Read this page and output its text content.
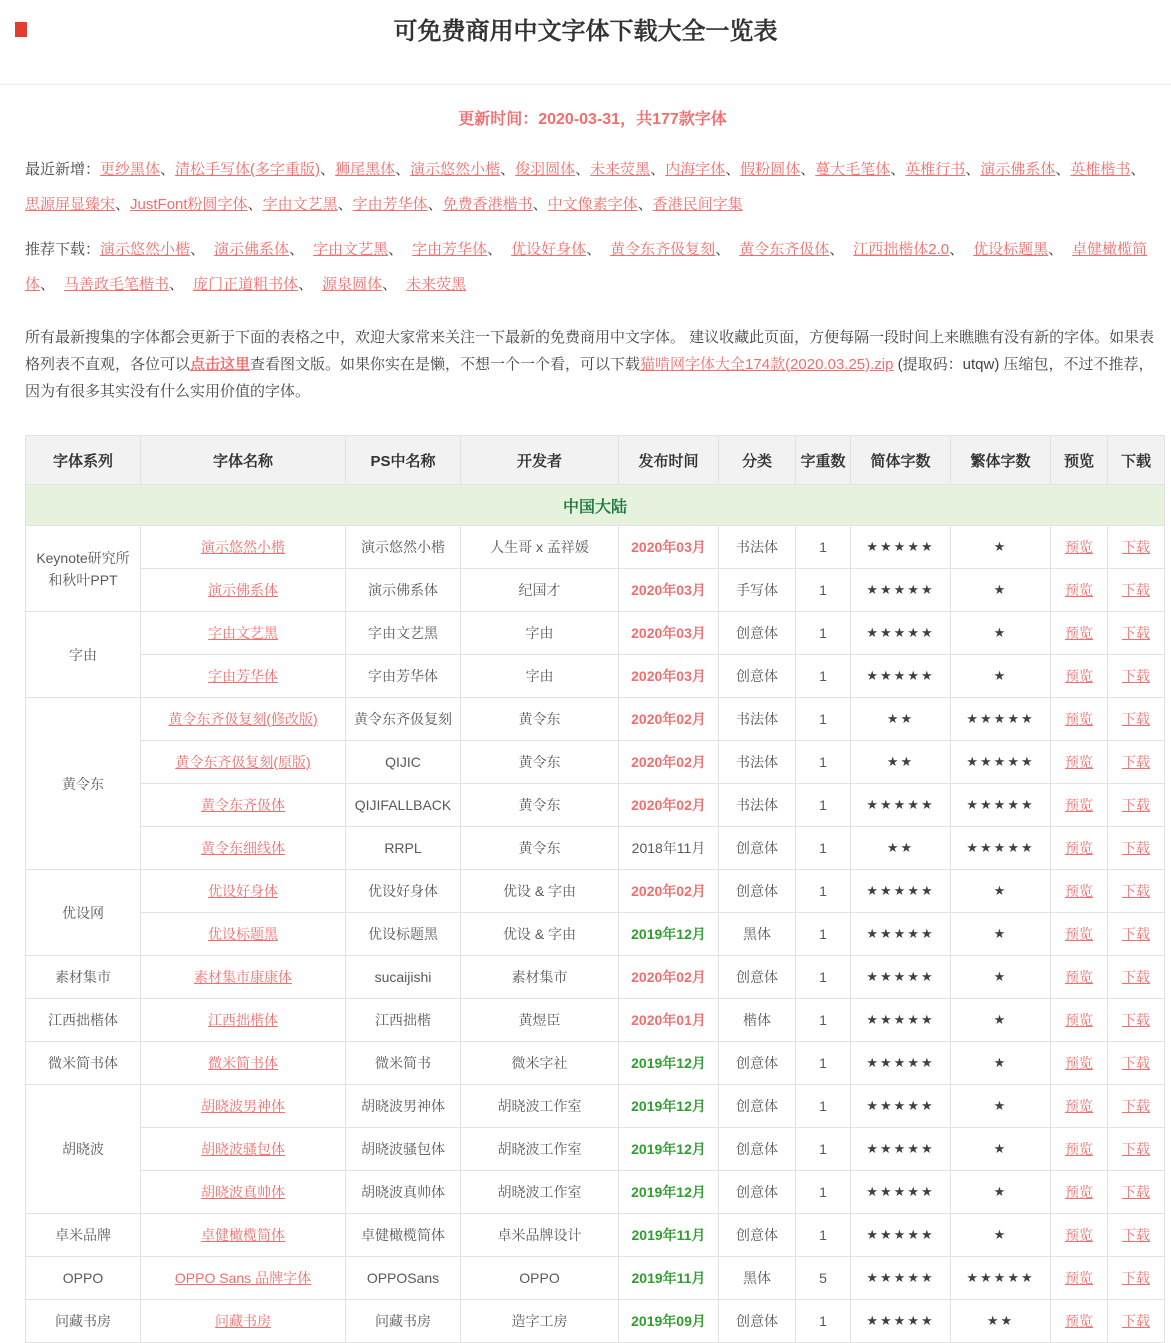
可免费商用中文字体下载大全一览表

更新时间：2020-03-31，共177款字体

最近新增：更纱黑体、清松手写体(多字重版)、狮尾黑体、演示悠然小楷、俊羽圆体、未来荧黑、内海字体、假粉圆体、蔓大毛笔体、英椎行书、演示佛系体、英椎楷书、思源屏显臻宋、JustFont粉圆字体、字由文艺黑、字由芳华体、免费香港楷书、中文像素字体、香港民间字集

推荐下载：演示悠然小楷、 演示佛系体、 字由文艺黑、 字由芳华体、 优设好身体、 黄令东齐伋复刻、 黄令东齐伋体、 江西拙楷体2.0、 优设标题黑、 卓健橄榄简体、 马善政毛笔楷书、 庞门正道粗书体、 源泉圆体、 未来荧黑

所有最新搜集的字体都会更新于下面的表格之中，欢迎大家常来关注一下最新的免费商用中文字体。 建议收藏此页面，方便每隔一段时间上来瞧瞧有没有新的字体。如果表格列表不直观，各位可以点击这里查看图文版。如果你实在是懒，不想一个一个看，可以下载猫啃网字体大全174款(2020.03.25).zip (提取码：utqw) 压缩包，不过不推荐，因为有很多其实没有什么实用价值的字体。

字体系列	字体名称	PS中名称	开发者	发布时间	分类	字重数	简体字数	繁体字数	预览	下载
中国大陆										
Keynote研究所和秋叶PPT	演示悠然小楷	演示悠然小楷	人生哥 x 孟祥媛	2020年03月	书法体	1	★★★★★	★	预览	下载
	演示佛系体	演示佛系体	纪国才	2020年03月	手写体	1	★★★★★	★	预览	下载
字由	字由文艺黑	字由文艺黑	字由	2020年03月	创意体	1	★★★★★	★	预览	下载
	字由芳华体	字由芳华体	字由	2020年03月	创意体	1	★★★★★	★	预览	下载
黄令东	黄令东齐伋复刻(修改版)	黄令东齐伋复刻	黄令东	2020年02月	书法体	1	★★	★★★★★	预览	下载
	黄令东齐伋复刻(原版)	QIJIC	黄令东	2020年02月	书法体	1	★★	★★★★★	预览	下载
	黄令东齐伋体	QIJIFALLBACK	黄令东	2020年02月	书法体	1	★★★★★	★★★★★	预览	下载
	黄令东细线体	RRPL	黄令东	2018年11月	创意体	1	★★	★★★★★	预览	下载
优设网	优设好身体	优设好身体	优设 & 字由	2020年02月	创意体	1	★★★★★	★	预览	下载
	优设标题黑	优设标题黑	优设 & 字由	2019年12月	黑体	1	★★★★★	★	预览	下载
素材集市	素材集市康康体	sucaijishi	素材集市	2020年02月	创意体	1	★★★★★	★	预览	下载
江西拙楷体	江西拙楷体	江西拙楷	黄煜臣	2020年01月	楷体	1	★★★★★	★	预览	下载
微米简书体	微米简书体	微米简书	微米字社	2019年12月	创意体	1	★★★★★	★	预览	下载
胡晓波	胡晓波男神体	胡晓波男神体	胡晓波工作室	2019年12月	创意体	1	★★★★★	★	预览	下载
	胡晓波骚包体	胡晓波骚包体	胡晓波工作室	2019年12月	创意体	1	★★★★★	★	预览	下载
	胡晓波真帅体	胡晓波真帅体	胡晓波工作室	2019年12月	创意体	1	★★★★★	★	预览	下载
卓米品牌	卓健橄榄简体	卓健橄榄简体	卓米品牌设计	2019年11月	创意体	1	★★★★★	★	预览	下载
OPPO	OPPO Sans 品牌字体	OPPOSans	OPPO	2019年11月	黑体	5	★★★★★	★★★★★	预览	下载
问藏书房	问藏书房	问藏书房	造字工房	2019年09月	创意体	1	★★★★★	★★	预览	下载
